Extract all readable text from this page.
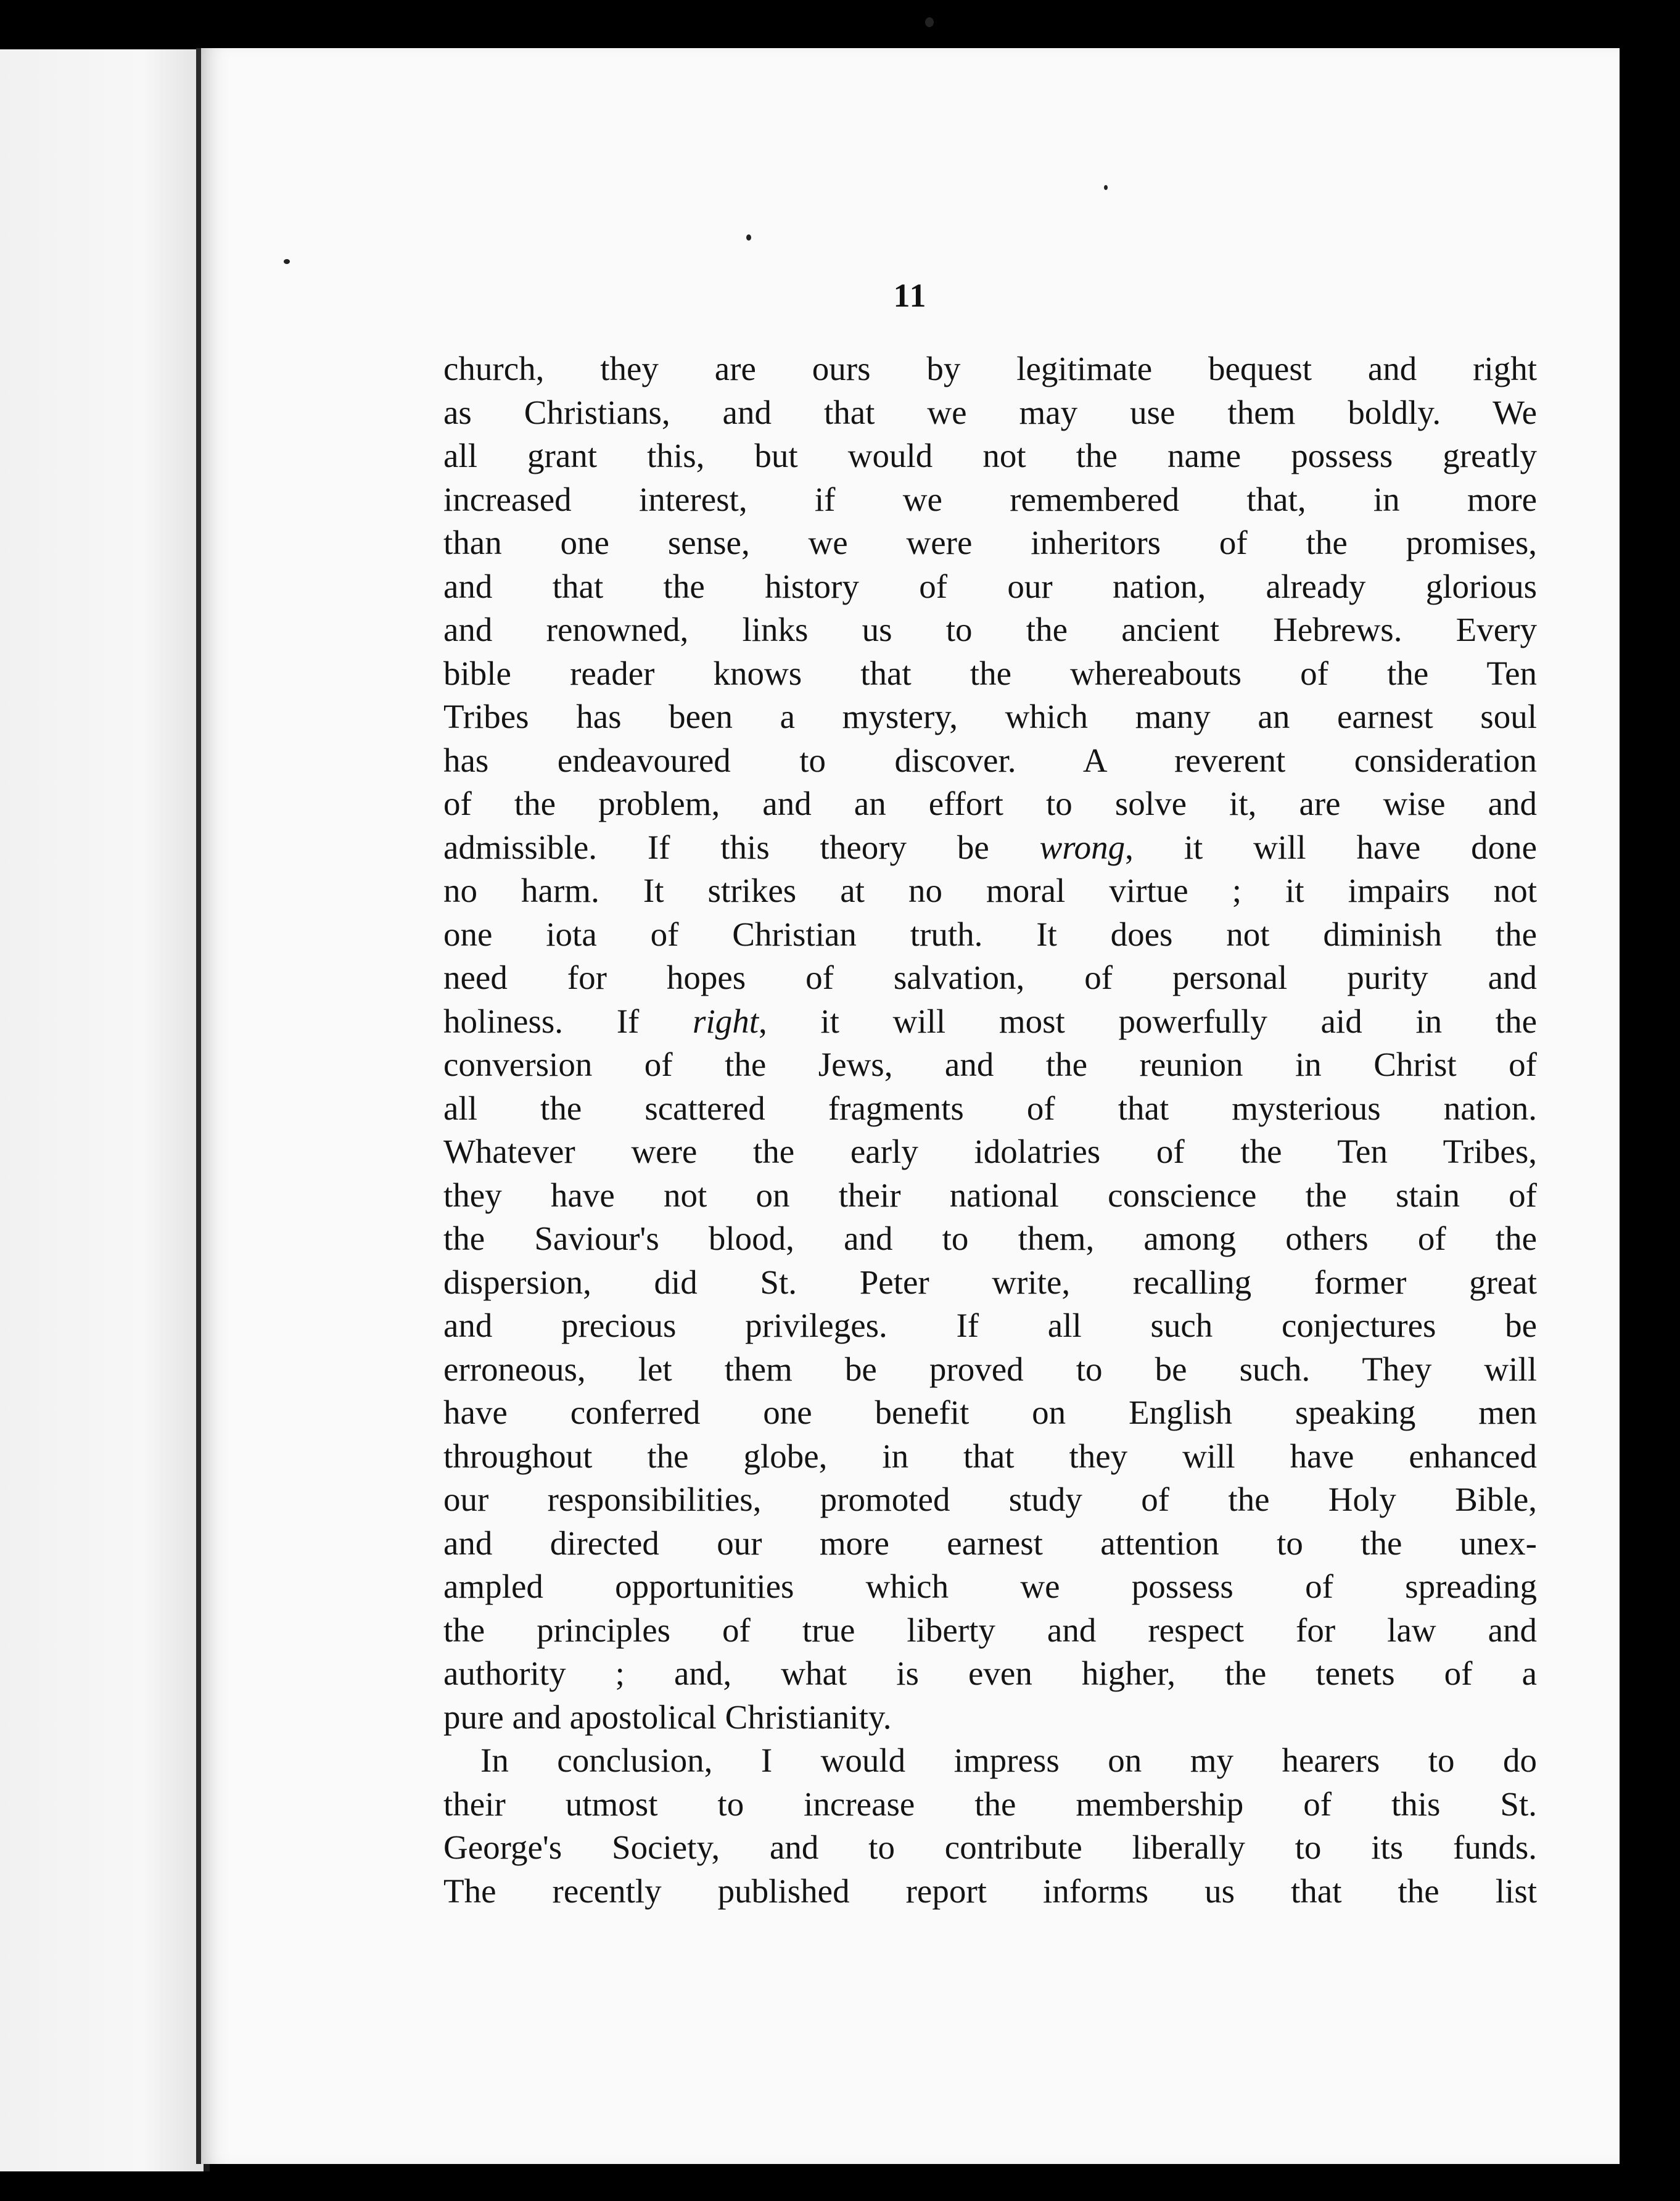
11
church, they are ours by legitimate bequest and right
as Christians, and that we may use them boldly. We
all grant this, but would not the name possess greatly
increased interest, if we remembered that, in more
than one sense, we were inheritors of the promises,
and that the history of our nation, already glorious
and renowned, links us to the ancient Hebrews. Every
bible reader knows that the whereabouts of the Ten
Tribes has been a mystery, which many an earnest soul
has endeavoured to discover. A reverent consideration
of the problem, and an effort to solve it, are wise and
admissible. If this theory be wrong, it will have done
no harm. It strikes at no moral virtue ; it impairs not
one iota of Christian truth. It does not diminish the
need for hopes of salvation, of personal purity and
holiness. If right, it will most powerfully aid in the
conversion of the Jews, and the reunion in Christ of
all the scattered fragments of that mysterious nation.
Whatever were the early idolatries of the Ten Tribes,
they have not on their national conscience the stain of
the Saviour's blood, and to them, among others of the
dispersion, did St. Peter write, recalling former great
and precious privileges. If all such conjectures be
erroneous, let them be proved to be such. They will
have conferred one benefit on English speaking men
throughout the globe, in that they will have enhanced
our responsibilities, promoted study of the Holy Bible,
and directed our more earnest attention to the unex-
ampled opportunities which we possess of spreading
the principles of true liberty and respect for law and
authority ; and, what is even higher, the tenets of a
pure and apostolical Christianity.
In conclusion, I would impress on my hearers to do
their utmost to increase the membership of this St.
George's Society, and to contribute liberally to its funds.
The recently published report informs us that the list
